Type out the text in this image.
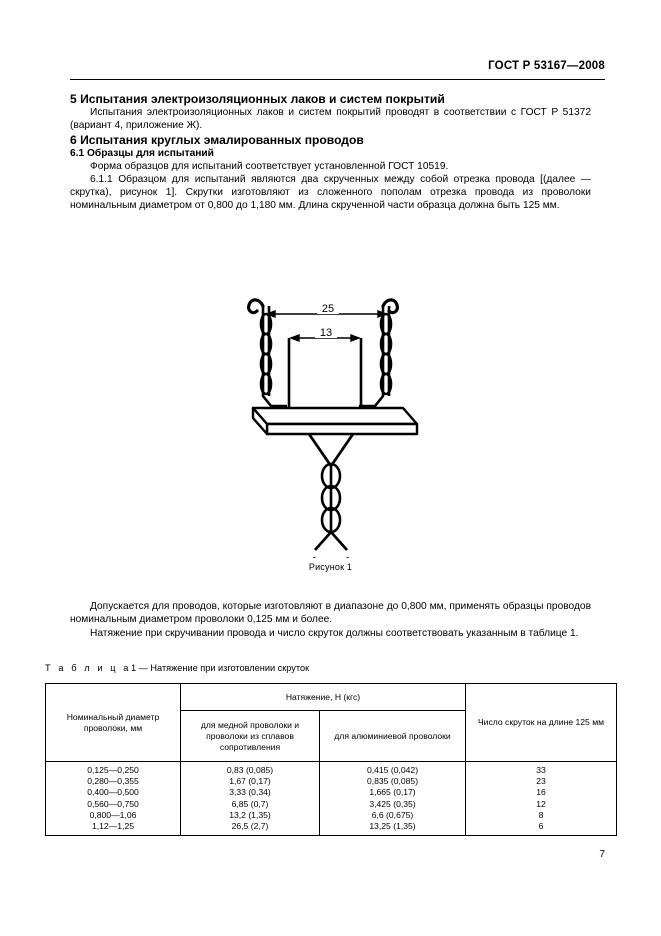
ГОСТ Р 53167—2008
5 Испытания электроизоляционных лаков и систем покрытий

Испытания электроизоляционных лаков и систем покрытий проводят в соответствии с ГОСТ Р 51372 (вариант 4, приложение Ж).

6 Испытания круглых эмалированных проводов
6.1 Образцы для испытаний

Форма образцов для испытаний соответствует установленной ГОСТ 10519.

6.1.1 Образцом для испытаний являются два скрученных между собой отрезка провода [(далее — скрутка), рисунок 1]. Скрутки изготовляют из сложенного пополам отрезка провода из проволоки номинальным диаметром от 0,800 до 1,180 мм. Длина скрученной части образца должна быть 125 мм.

25
13
Рисунок 1

Допускается для проводов, которые изготовляют в диапазоне до 0,800 мм, применять образцы проводов номинальным диаметром проволоки 0,125 мм и более.

Натяжение при скручивании провода и число скруток должны соответствовать указанным в таблице 1.

Т а б л и ц а1 — Натяжение при изготовлении скруток
Номинальный диаметр проволоки, мм	Натяжение, Н (кгс)		Число скруток на длине 125 мм
	для медной проволоки и проволоки из сплавов сопротивления	для алюминиевой проволоки	
0,125—0,250	0,83 (0,085)	0,415 (0,042)	33
0,280—0,355	1,67 (0,17)	0,835 (0,085)	23
0,400—0,500	3,33 (0,34)	1,665 (0,17)	16
0,560—0,750	6,85 (0,7)	3,425 (0,35)	12
0,800—1,06	13,2 (1,35)	6,6 (0,675)	8
1,12—1,25	26,5 (2,7)	13,25 (1,35)	6
7
